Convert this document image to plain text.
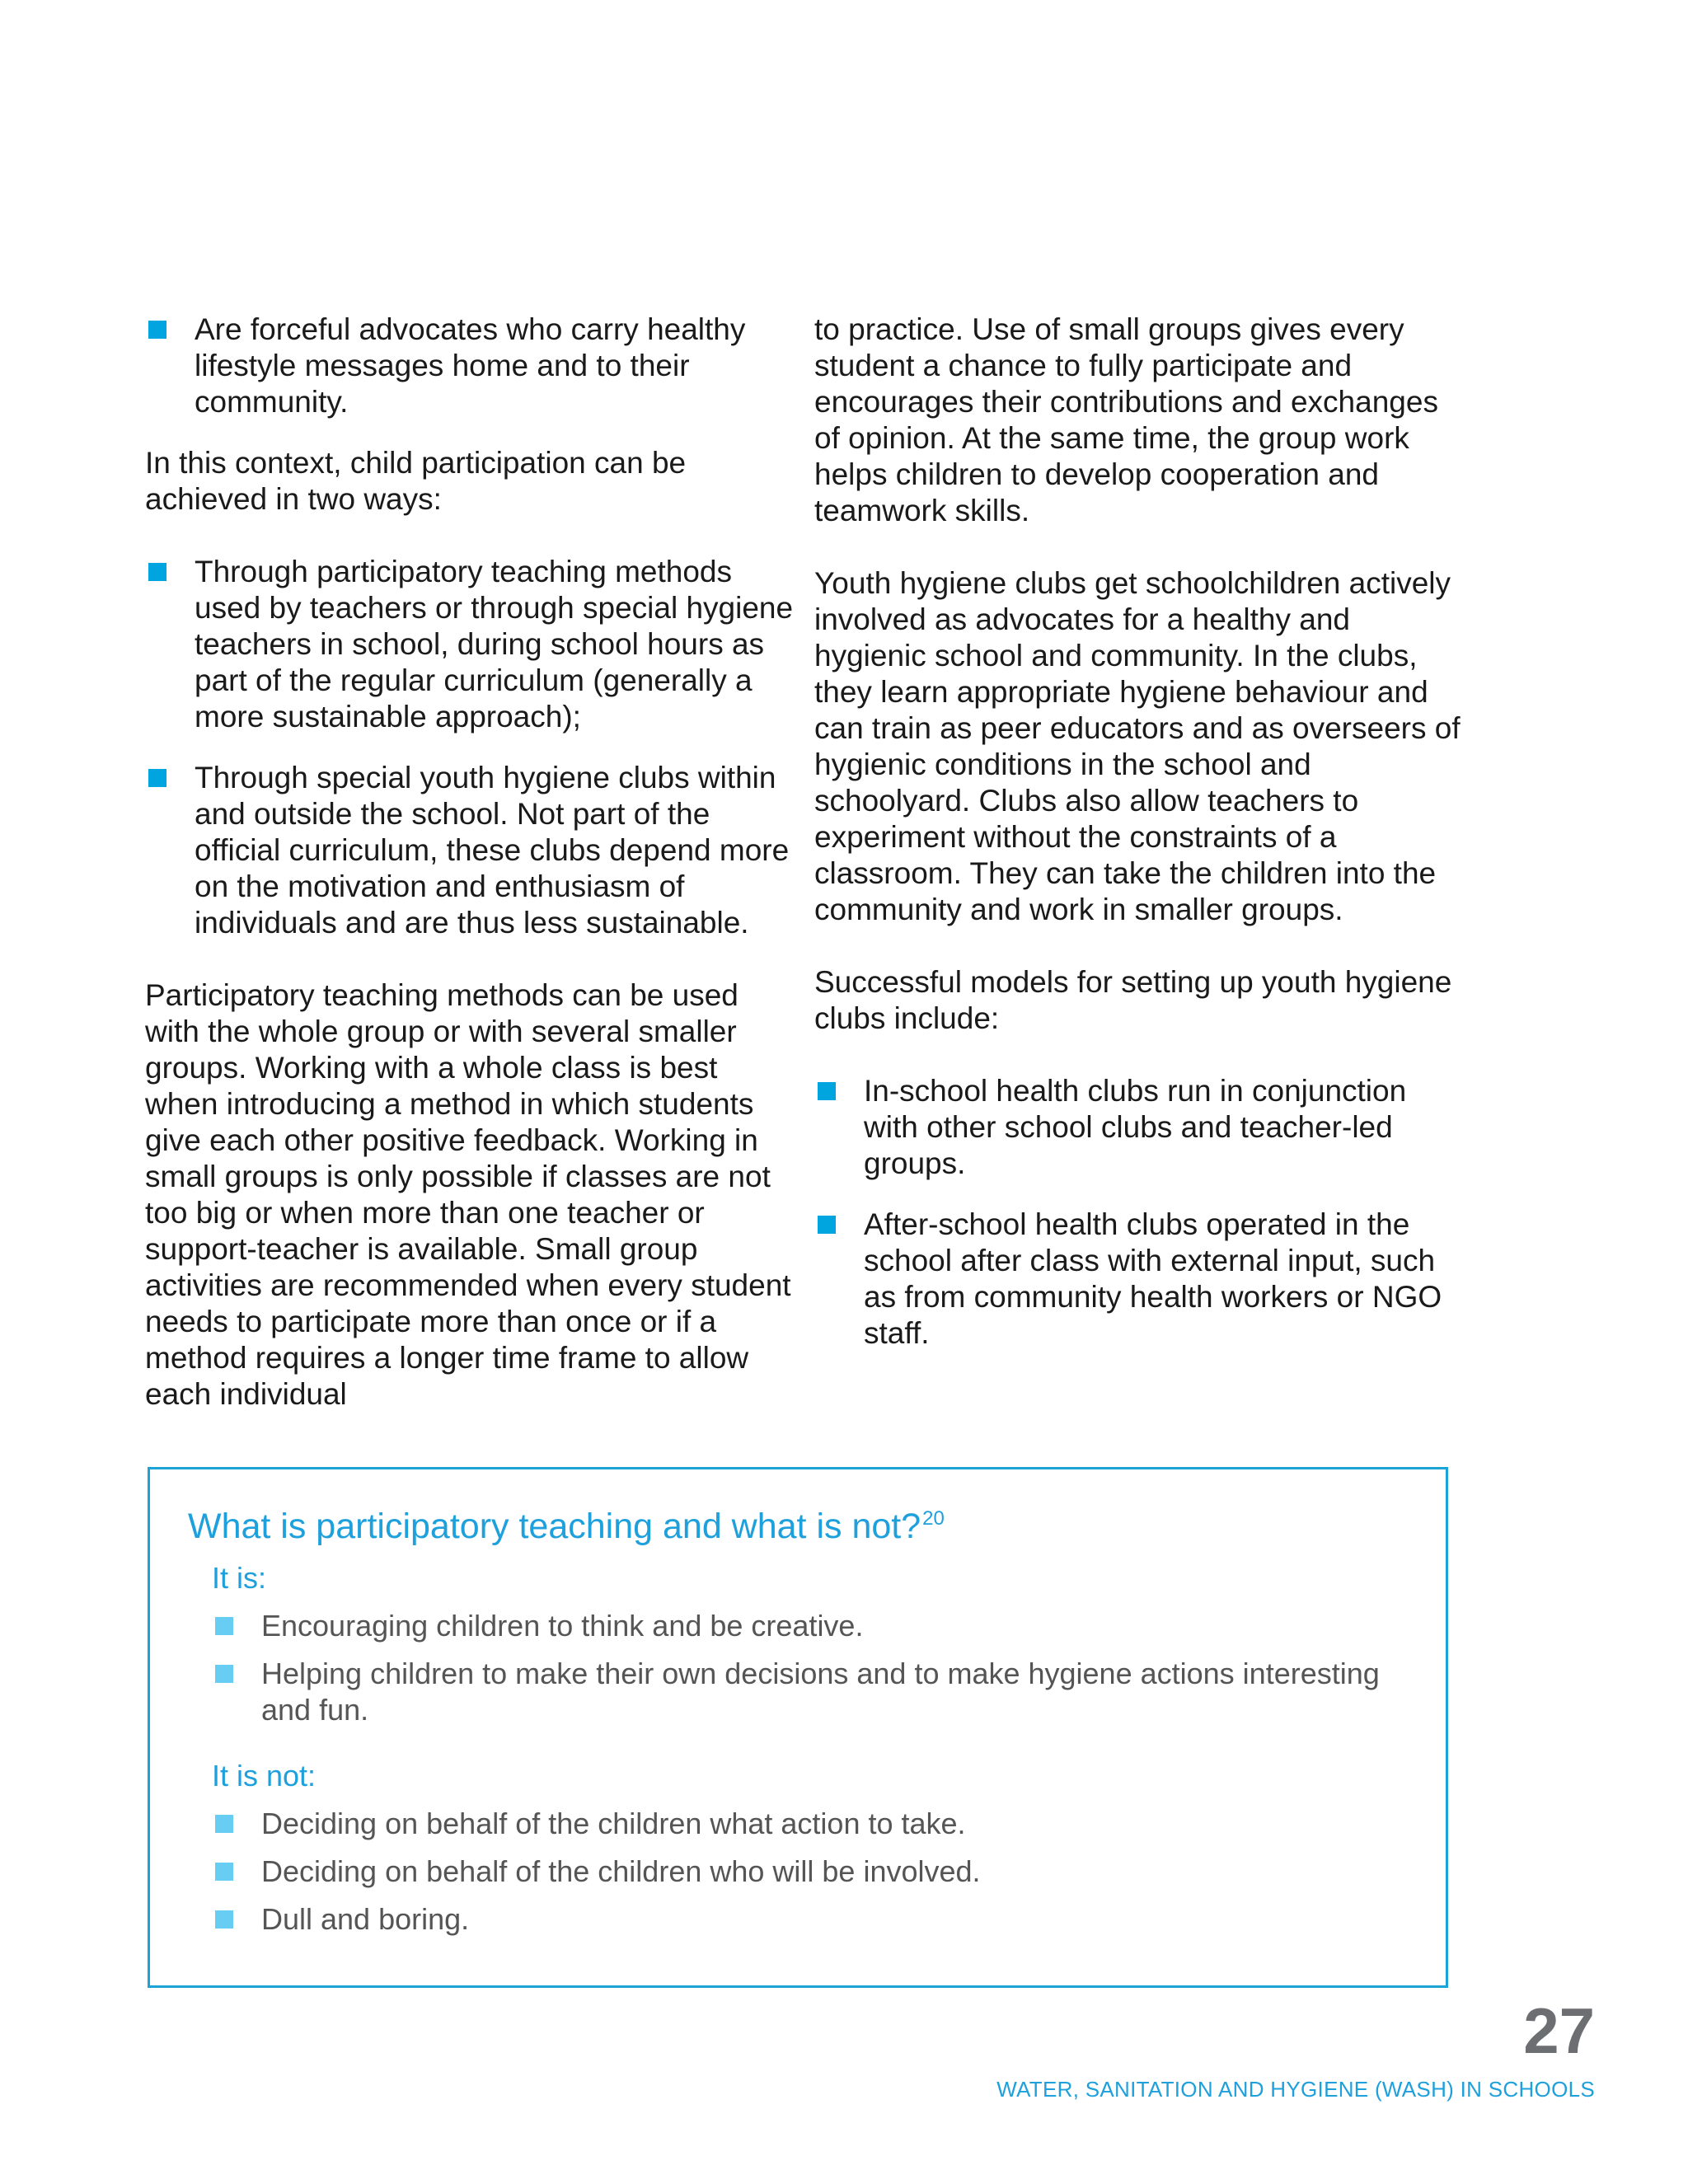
Are forceful advocates who carry healthy lifestyle messages home and to their community.

In this context, child participation can be achieved in two ways:

Through participatory teaching methods used by teachers or through special hygiene teachers in school, during school hours as part of the regular curriculum (generally a more sustainable approach);
Through special youth hygiene clubs within and outside the school. Not part of the official curriculum, these clubs depend more on the motivation and enthusiasm of individuals and are thus less sustainable.

Participatory teaching methods can be used with the whole group or with several smaller groups. Working with a whole class is best when introducing a method in which students give each other positive feedback. Working in small groups is only possible if classes are not too big or when more than one teacher or support-teacher is available. Small group activities are recommended when every student needs to participate more than once or if a method requires a longer time frame to allow each individual

to practice. Use of small groups gives every student a chance to fully participate and encourages their contributions and exchanges of opinion. At the same time, the group work helps children to develop cooperation and teamwork skills.

Youth hygiene clubs get schoolchildren actively involved as advocates for a healthy and hygienic school and community. In the clubs, they learn appropriate hygiene behaviour and can train as peer educators and as overseers of hygienic conditions in the school and schoolyard. Clubs also allow teachers to experiment without the constraints of a classroom. They can take the children into the community and work in smaller groups.

Successful models for setting up youth hygiene clubs include:

In-school health clubs run in conjunction with other school clubs and teacher-led groups.
After-school health clubs operated in the school after class with external input, such as from community health workers or NGO staff.
What is participatory teaching and what is not?$^{20}$
It is:
Encouraging children to think and be creative.
Helping children to make their own decisions and to make hygiene actions interesting and fun.
It is not:
Deciding on behalf of the children what action to take.
Deciding on behalf of the children who will be involved.
Dull and boring.
27
WATER, SANITATION AND HYGIENE (WASH) IN SCHOOLS
